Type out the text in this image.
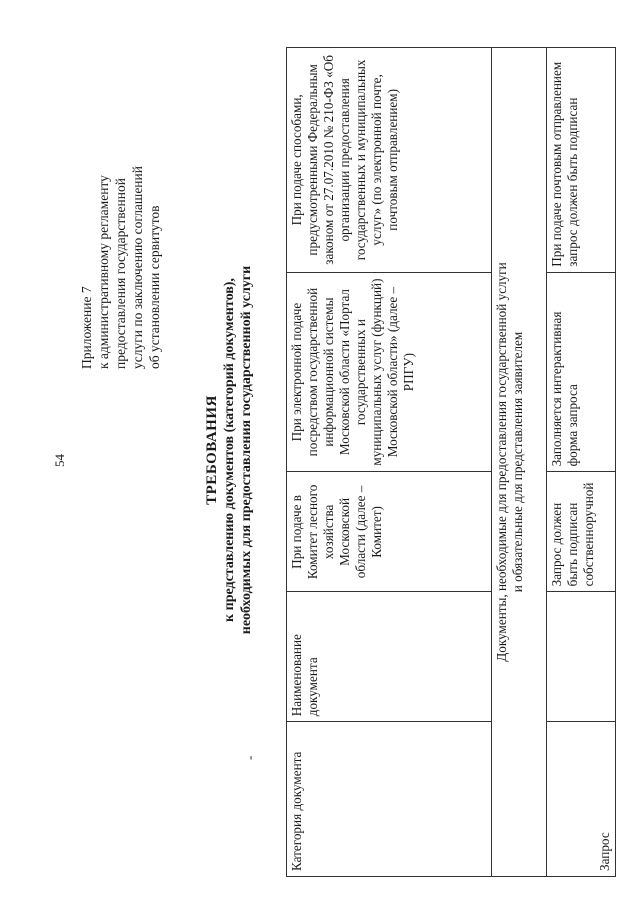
54
Приложение 7 к административному регламенту предоставления государственной услуги по заключению соглашений об установлении сервитутов
ТРЕБОВАНИЯ к представлению документов (категорий документов), необходимых для предоставления государственной услуги
- Категория документа	Наименование документа	При подаче в Комитет лесного хозяйства Московской области (далее – Комитет)	При электронной подаче посредством государственной информационной системы Московской области «Портал государственных и муниципальных услуг (функций) Московской области» (далее – РПГУ)	При подаче способами, предусмотренными Федеральным законом от 27.07.2010 № 210-ФЗ «Об организации предоставления государственных и муниципальных услуг» (по электронной почте, почтовым отправлением)

Документы, необходимые для предоставления государственной услуги и обязательные для представления заявителем				

Запрос		Запрос должен быть подписан собственноручной	Заполняется интерактивная форма запроса	При подаче почтовым отправлением запрос должен быть подписан
